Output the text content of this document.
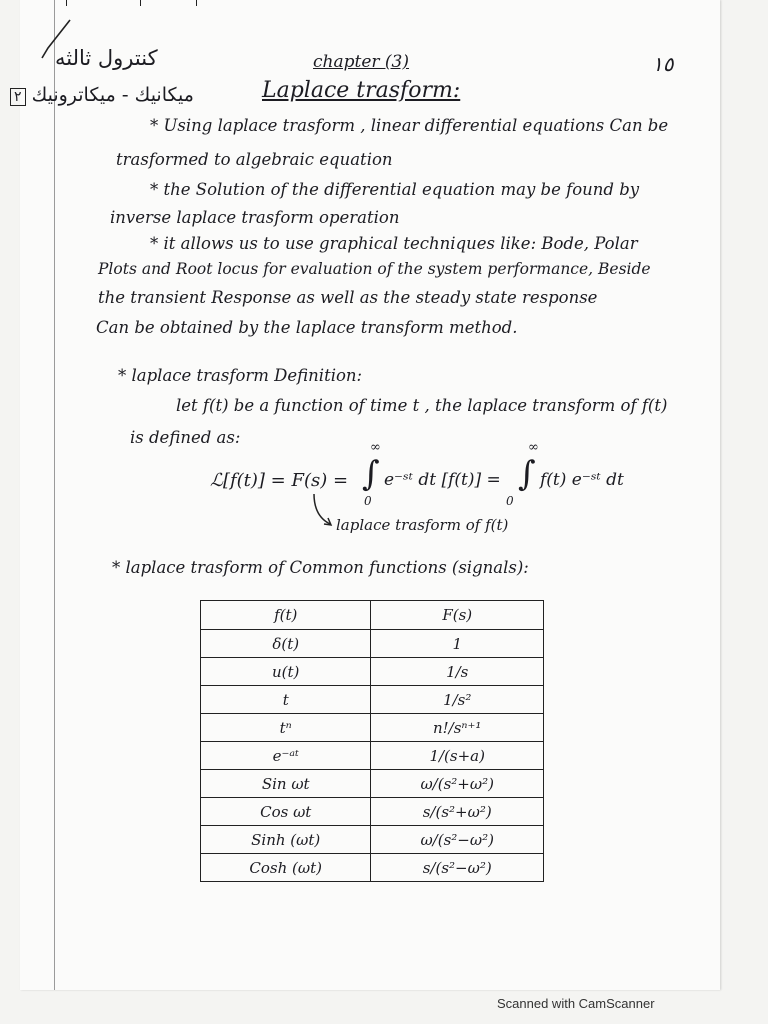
كنترول ثالثه
ميكانيك - ميكاترونيك ٢
chapter (3)
Laplace trasform:
١٥
* Using laplace trasform , linear differential equations Can be
trasformed to algebraic equation
* the Solution of the differential equation may be found by
inverse laplace trasform operation
* it allows us to use graphical techniques like: Bode, Polar
Plots and Root locus for evaluation of the system performance, Beside
the transient Response as well as the steady state response
Can be obtained by the laplace transform method.
* laplace trasform Definition:
let f(t) be a function of time t , the laplace transform of f(t)
is defined as:
ℒ[f(t)] = F(s) = ∫
∞
0
e⁻ˢᵗ dt [f(t)] = ∫
∞
0
f(t) e⁻ˢᵗ dt
laplace trasform of f(t)
* laplace trasform of Common functions (signals):
f(t)	F(s)
δ(t)	1
u(t)	1/s
t	1/s²
tⁿ	n!/sⁿ⁺¹
e⁻ᵃᵗ	1/(s+a)
Sin ωt	ω/(s²+ω²)
Cos ωt	s/(s²+ω²)
Sinh (ωt)	ω/(s²−ω²)
Cosh (ωt)	s/(s²−ω²)
Scanned with CamScanner
